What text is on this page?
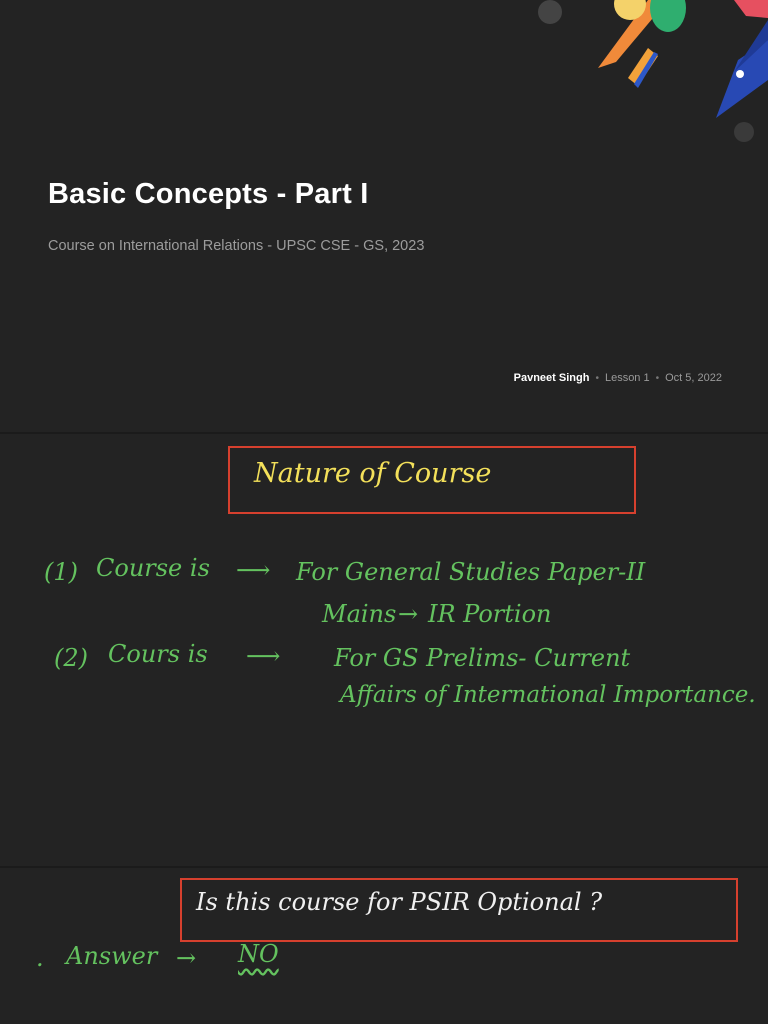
Basic Concepts - Part I
Course on International Relations - UPSC CSE - GS, 2023
Pavneet Singh • Lesson 1 • Oct 5, 2022
Nature of Course
(1) Course is ⟶ For General Studies Paper-II
Mains → IR Portion
(2) Cours is ⟶ For GS Prelims- Current
Affairs of International Importance.
Is this course for PSIR Optional ?
. Answer → NO
